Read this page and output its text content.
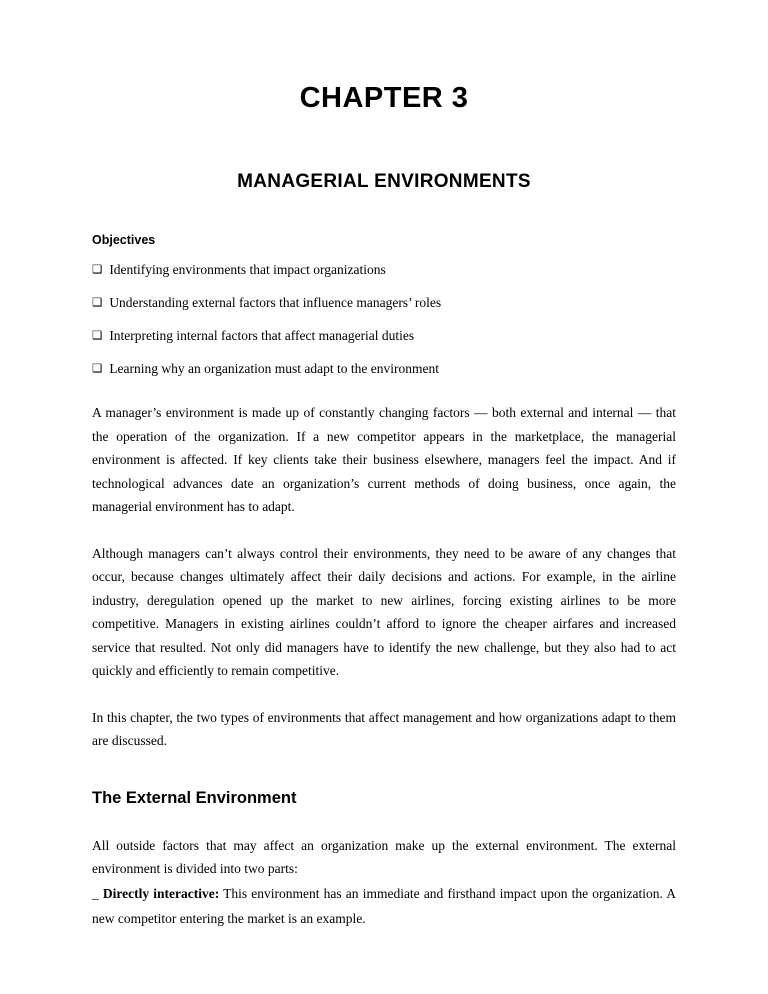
CHAPTER 3
MANAGERIAL ENVIRONMENTS
Objectives
❑ Identifying environments that impact organizations
❑ Understanding external factors that influence managers’ roles
❑ Interpreting internal factors that affect managerial duties
❑ Learning why an organization must adapt to the environment

A manager’s environment is made up of constantly changing factors — both external and internal — that the operation of the organization. If a new competitor appears in the marketplace, the managerial environment is affected. If key clients take their business elsewhere, managers feel the impact. And if technological advances date an organization’s current methods of doing business, once again, the managerial environment has to adapt.

Although managers can’t always control their environments, they need to be aware of any changes that occur, because changes ultimately affect their daily decisions and actions. For example, in the airline industry, deregulation opened up the market to new airlines, forcing existing airlines to be more competitive. Managers in existing airlines couldn’t afford to ignore the cheaper airfares and increased service that resulted. Not only did managers have to identify the new challenge, but they also had to act quickly and efficiently to remain competitive.

In this chapter, the two types of environments that affect management and how organizations adapt to them are discussed.

The External Environment

All outside factors that may affect an organization make up the external environment. The external environment is divided into two parts:

_ Directly interactive: This environment has an immediate and firsthand impact upon the organization. A new competitor entering the market is an example.
